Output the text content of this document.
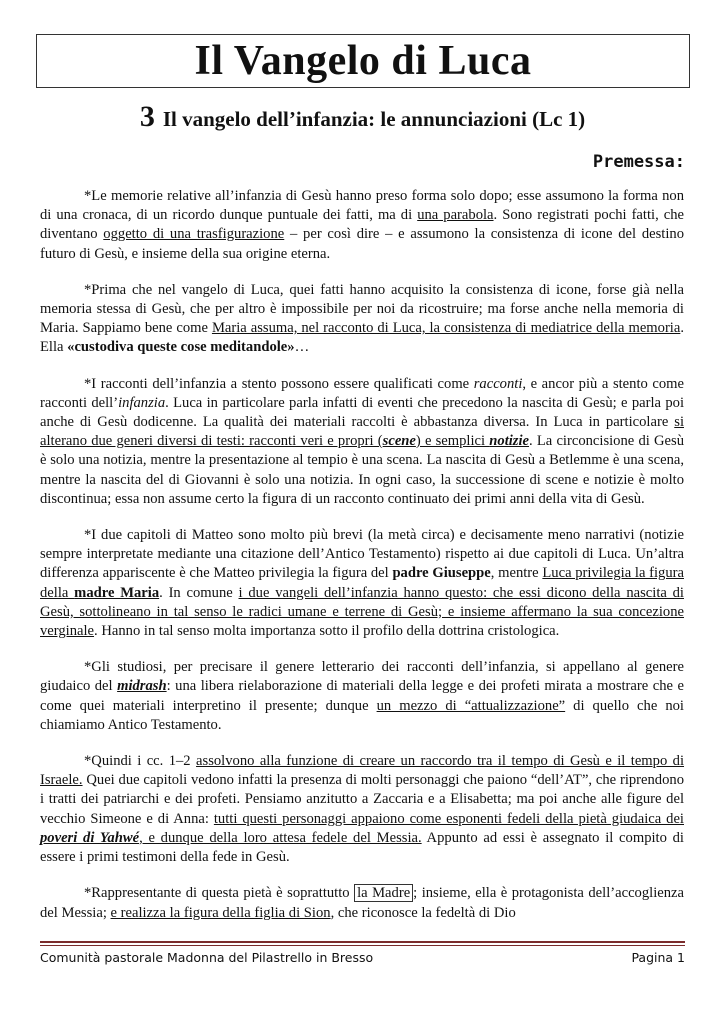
Il Vangelo di Luca
3 Il vangelo dell’infanzia: le annunciazioni (Lc 1)
Premessa:

*Le memorie relative all’infanzia di Gesù hanno preso forma solo dopo; esse assumono la forma non di una cronaca, di un ricordo dunque puntuale dei fatti, ma di una parabola. Sono registrati pochi fatti, che diventano oggetto di una trasfigurazione – per così dire – e assumono la consistenza di icone del destino futuro di Gesù, e insieme della sua origine eterna.

*Prima che nel vangelo di Luca, quei fatti hanno acquisito la consistenza di icone, forse già nella memoria stessa di Gesù, che per altro è impossibile per noi da ricostruire; ma forse anche nella memoria di Maria. Sappiamo bene come Maria assuma, nel racconto di Luca, la consistenza di mediatrice della memoria. Ella «custodiva queste cose meditandole»…

*I racconti dell’infanzia a stento possono essere qualificati come racconti, e ancor più a stento come racconti dell’infanzia. Luca in particolare parla infatti di eventi che precedono la nascita di Gesù; e parla poi anche di Gesù dodicenne. La qualità dei materiali raccolti è abbastanza diversa. In Luca in particolare si alterano due generi diversi di testi: racconti veri e propri (scene) e semplici notizie. La circoncisione di Gesù è solo una notizia, mentre la presentazione al tempio è una scena. La nascita di Gesù a Betlemme è una scena, mentre la nascita del di Giovanni è solo una notizia. In ogni caso, la successione di scene e notizie è molto discontinua; essa non assume certo la figura di un racconto continuato dei primi anni della vita di Gesù.

*I due capitoli di Matteo sono molto più brevi (la metà circa) e decisamente meno narrativi (notizie sempre interpretate mediante una citazione dell’Antico Testamento) rispetto ai due capitoli di Luca. Un’altra differenza appariscente è che Matteo privilegia la figura del padre Giuseppe, mentre Luca privilegia la figura della madre Maria. In comune i due vangeli dell’infanzia hanno questo: che essi dicono della nascita di Gesù, sottolineano in tal senso le radici umane e terrene di Gesù; e insieme affermano la sua concezione verginale. Hanno in tal senso molta importanza sotto il profilo della dottrina cristologica.

*Gli studiosi, per precisare il genere letterario dei racconti dell’infanzia, si appellano al genere giudaico del midrash: una libera rielaborazione di materiali della legge e dei profeti mirata a mostrare che e come quei materiali interpretino il presente; dunque un mezzo di “attualizzazione” di quello che noi chiamiamo Antico Testamento.

*Quindi i cc. 1–2 assolvono alla funzione di creare un raccordo tra il tempo di Gesù e il tempo di Israele. Quei due capitoli vedono infatti la presenza di molti personaggi che paiono “dell’AT”, che riprendono i tratti dei patriarchi e dei profeti. Pensiamo anzitutto a Zaccaria e a Elisabetta; ma poi anche alle figure del vecchio Simeone e di Anna: tutti questi personaggi appaiono come esponenti fedeli della pietà giudaica dei poveri di Yahwé, e dunque della loro attesa fedele del Messia. Appunto ad essi è assegnato il compito di essere i primi testimoni della fede in Gesù.

*Rappresentante di questa pietà è soprattutto la Madre ; insieme, ella è protagonista dell’accoglienza del Messia; e realizza la figura della figlia di Sion, che riconosce la fedeltà di Dio

Comunità pastorale Madonna del Pilastrello in Bresso	Pagina 1
